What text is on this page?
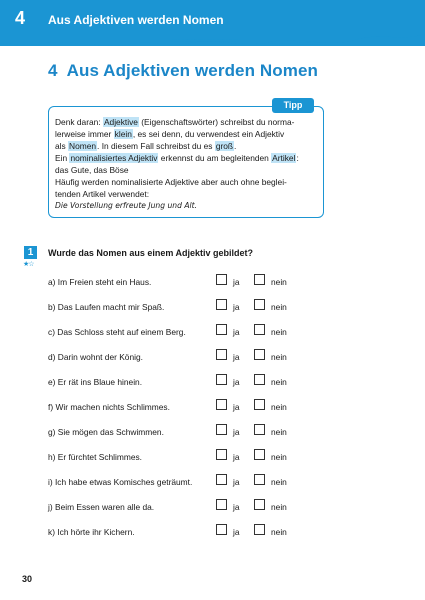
4 Aus Adjektiven werden Nomen
4 Aus Adjektiven werden Nomen
Tipp
Denk daran: Adjektive (Eigenschaftswörter) schreibst du norma-
lerweise immer klein, es sei denn, du verwendest ein Adjektiv
als Nomen. In diesem Fall schreibst du es groß.
Ein nominalisiertes Adjektiv erkennst du am begleitenden Artikel:
das Gute, das Böse
Häufig werden nominalisierte Adjektive aber auch ohne beglei-
tenden Artikel verwendet:
Die Vorstellung erfreute Jung und Alt.
1
★☆
Wurde das Nomen aus einem Adjektiv gebildet?
a) Im Freien steht ein Haus.	ja	nein
b) Das Laufen macht mir Spaß.	ja	nein
c) Das Schloss steht auf einem Berg.	ja	nein
d) Darin wohnt der König.	ja	nein
e) Er rät ins Blaue hinein.	ja	nein
f) Wir machen nichts Schlimmes.	ja	nein
g) Sie mögen das Schwimmen.	ja	nein
h) Er fürchtet Schlimmes.	ja	nein
i) Ich habe etwas Komisches geträumt.	ja	nein
j) Beim Essen waren alle da.	ja	nein
k) Ich hörte ihr Kichern.	ja	nein
30
